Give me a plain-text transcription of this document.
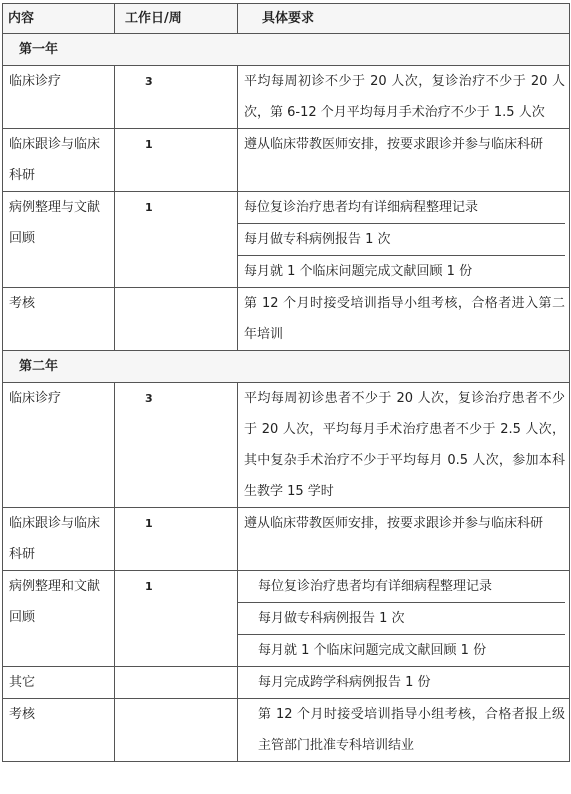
内容	工作日/周	具体要求
第一年		
临床诊疗	3	平均每周初诊不少于 20 人次，复诊治疗不少于 20 人次，第 6-12 个月平均每月手术治疗不少于 1.5 人次

临床跟诊与临床科研	1	遵从临床带教医师安排，按要求跟诊并参与临床科研

病例整理与文献回顾	1	每位复诊治疗患者均有详细病程整理记录
每月做专科病例报告 1 次
每月就 1 个临床问题完成文献回顾 1 份

考核		第 12 个月时接受培训指导小组考核，合格者进入第二年培训

第二年		
临床诊疗	3	平均每周初诊患者不少于 20 人次，复诊治疗患者不少于 20 人次，平均每月手术治疗患者不少于 2.5 人次，其中复杂手术治疗不少于平均每月 0.5 人次，参加本科生教学 15 学时

临床跟诊与临床科研	1	遵从临床带教医师安排，按要求跟诊并参与临床科研

病例整理和文献回顾	1	每位复诊治疗患者均有详细病程整理记录
每月做专科病例报告 1 次
每月就 1 个临床问题完成文献回顾 1 份

其它		每月完成跨学科病例报告 1 份

考核		第 12 个月时接受培训指导小组考核，合格者报上级主管部门批准专科培训结业
